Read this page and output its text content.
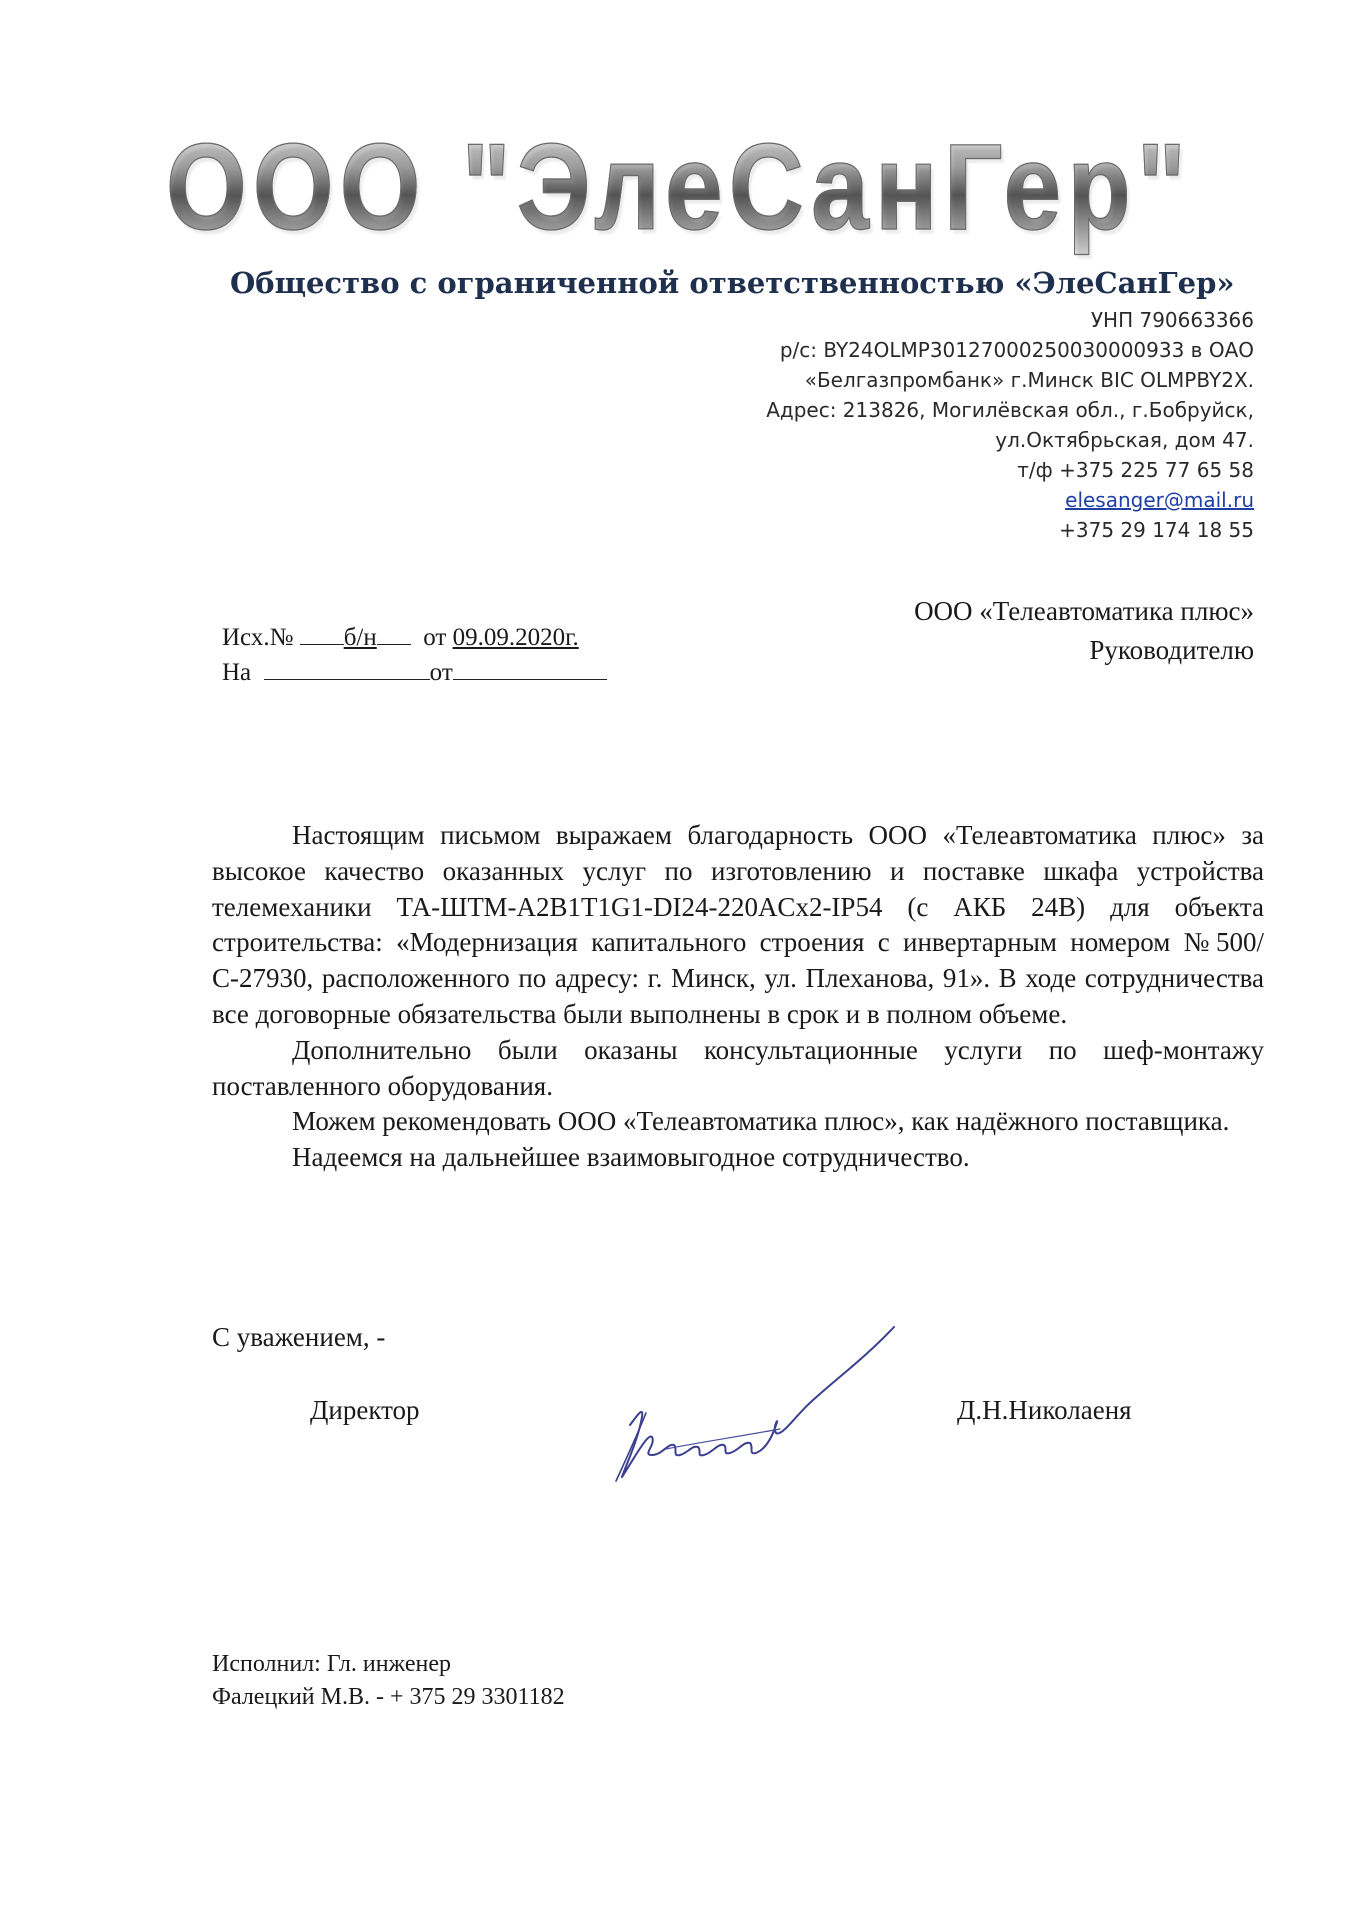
ООО "ЭлеСанГер"
Общество с ограниченной ответственностью «ЭлеСанГер»
УНП 790663366
р/с: BY24OLMP30127000250030000933 в ОАО
«Белгазпромбанк» г.Минск BIC OLMPBY2X.
Адрес: 213826, Могилёвская обл., г.Бобруйск,
ул.Октябрьская, дом 47.
т/ф +375 225 77 65 58
elesanger@mail.ru
+375 29 174 18 55
Исх.№ б/н от 09.09.2020г.
На	от
ООО «Телеавтоматика плюс»
Руководителю

Настоящим письмом выражаем благодарность ООО «Телеавтоматика плюс» за высокое качество оказанных услуг по изготовлению и поставке шкафа устройства телемеханики ТА-ШТМ-А2В1Т1G1-DI24-220ACx2-IP54 (с АКБ 24В) для объекта строительства: «Модернизация капитального строения с инвертарным номером №500/С-27930, расположенного по адресу: г. Минск, ул. Плеханова, 91». В ходе сотрудничества все договорные обязательства были выполнены в срок и в полном объеме.

Дополнительно были оказаны консультационные услуги по шеф-монтажу поставленного оборудования.

Можем рекомендовать ООО «Телеавтоматика плюс», как надёжного поставщика.

Надеемся на дальнейшее взаимовыгодное сотрудничество.

С уважением, -
Директор	Д.Н.Николаеня
Исполнил: Гл. инженер
Фалецкий М.В. - + 375 29 3301182
